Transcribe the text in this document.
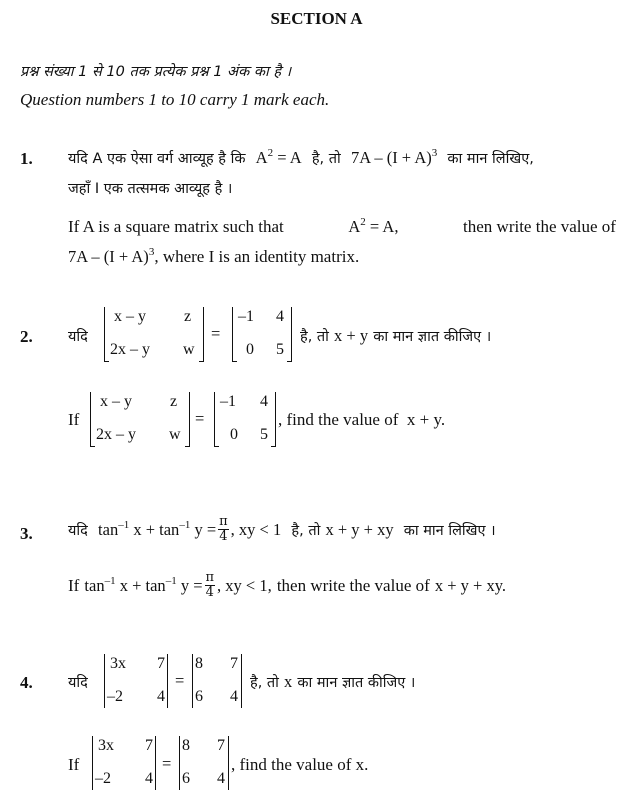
SECTION A
प्रश्न संख्या 1 से 10 तक प्रत्येक प्रश्न 1 अंक का है ।
Question numbers 1 to 10 carry 1 mark each.
1. यदि A एक ऐसा वर्ग आव्यूह है कि $A^2 = A$ है, तो $7A - (I + A)^3$ का मान लिखिए,
जहाँ I एक तत्समक आव्यूह है ।
If A is a square matrix such that	$A^2 = A$,	then write the value of
$7A - (I + A)^3$, where I is an identity matrix.
2. यदि
x – y z
2x – y w
=
–1 4
0 5
है, तो x + y का मान ज्ञात कीजिए ।
If
x – y z
2x – y w
=
–1 4
0 5
, find the value of x + y.
3. यदि
$\tan^{-1} x + \tan^{-1} y = \frac{\pi}{4}$ , xy < 1
है, तो
x + y + xy
का मान लिखिए ।
If
$\tan^{-1} x + \tan^{-1} y = \frac{\pi}{4}$ , xy < 1,
then write the value of
x + y + xy.
4. यदि
3x 7
–2 4
=
8 7
6 4
है, तो x का मान ज्ञात कीजिए ।
If
3x 7
–2 4
=
8 7
6 4
, find the value of x.
